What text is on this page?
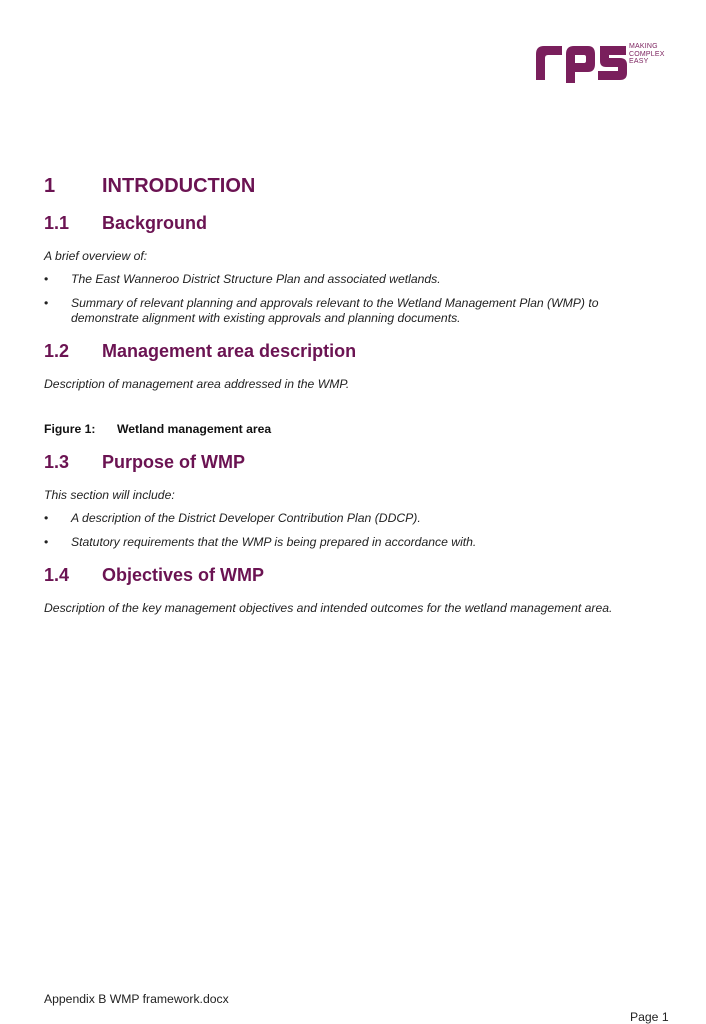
MAKING
COMPLEX
EASY
1 INTRODUCTION
1.1 Background
A brief overview of:
• The East Wanneroo District Structure Plan and associated wetlands.
• Summary of relevant planning and approvals relevant to the Wetland Management Plan (WMP) to demonstrate alignment with existing approvals and planning documents.
1.2 Management area description
Description of management area addressed in the WMP.
Figure 1: Wetland management area
1.3 Purpose of WMP
This section will include:
• A description of the District Developer Contribution Plan (DDCP).
• Statutory requirements that the WMP is being prepared in accordance with.
1.4 Objectives of WMP
Description of the key management objectives and intended outcomes for the wetland management area.
Appendix B WMP framework.docx
Page 1
